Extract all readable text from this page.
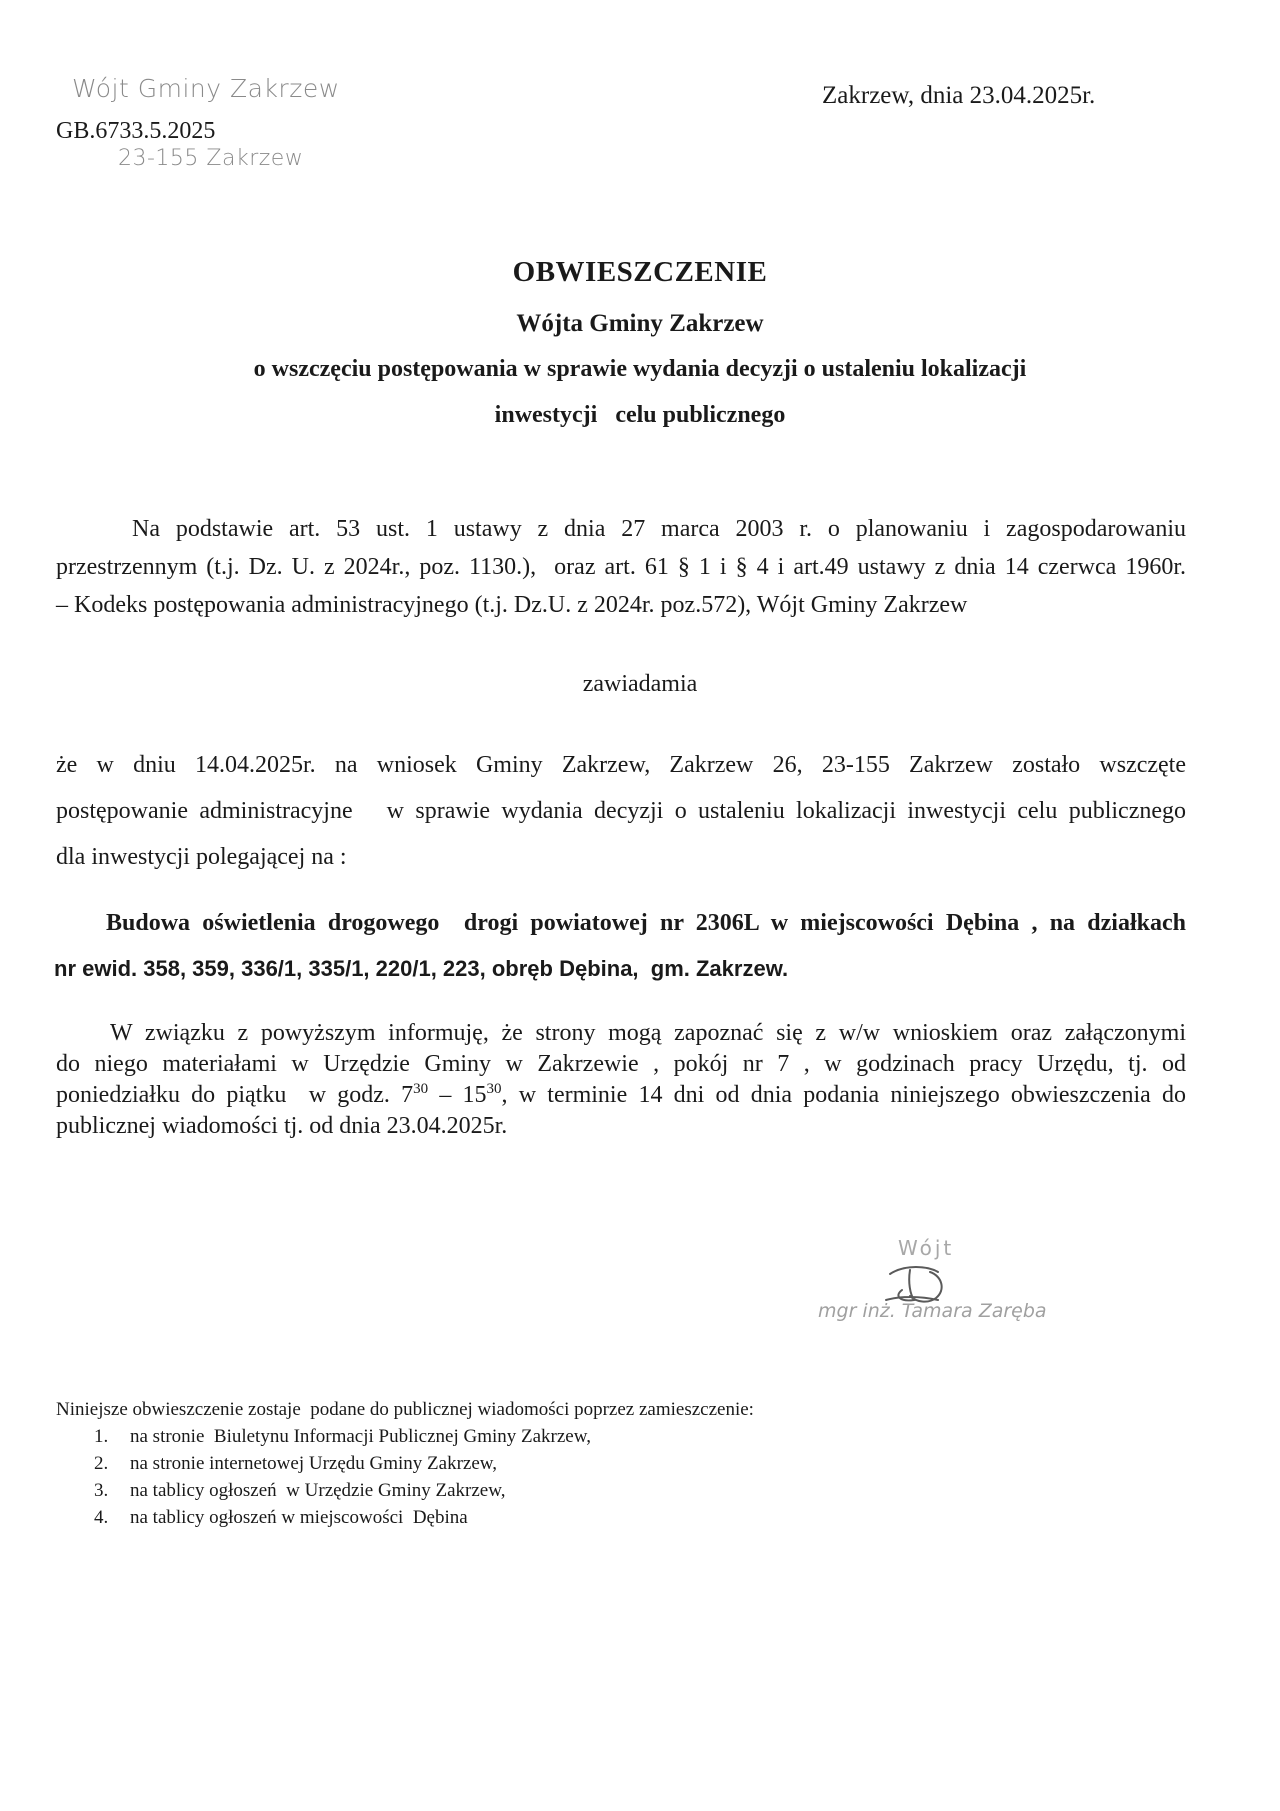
Wójt Gminy Zakrzew
GB.6733.5.2025
23-155 Zakrzew
Zakrzew, dnia 23.04.2025r.
OBWIESZCZENIE
Wójta Gminy Zakrzew
o wszczęciu postępowania w sprawie wydania decyzji o ustaleniu lokalizacji
inwestycji   celu publicznego
Na podstawie art. 53 ust. 1 ustawy z dnia 27 marca 2003 r. o planowaniu i zagospodarowaniu
przestrzennym (t.j. Dz. U. z 2024r., poz. 1130.),  oraz art. 61 § 1 i § 4 i art.49 ustawy z dnia 14 czerwca 1960r.
– Kodeks postępowania administracyjnego (t.j. Dz.U. z 2024r. poz.572), Wójt Gminy Zakrzew
zawiadamia
że w dniu 14.04.2025r. na wniosek Gminy Zakrzew, Zakrzew 26, 23-155 Zakrzew zostało wszczęte
postępowanie administracyjne   w sprawie wydania decyzji o ustaleniu lokalizacji inwestycji celu publicznego
dla inwestycji polegającej na :
Budowa oświetlenia drogowego  drogi powiatowej nr 2306L w miejscowości Dębina , na działkach
nr ewid. 358, 359, 336/1, 335/1, 220/1, 223, obręb Dębina,  gm. Zakrzew.
W związku z powyższym informuję, że strony mogą zapoznać się z w/w wnioskiem oraz załączonymi
do niego materiałami w Urzędzie Gminy w Zakrzewie , pokój nr 7 , w godzinach pracy Urzędu, tj. od
poniedziałku do piątku  w godz. $7^{30} - 15^{30}$, w terminie 14 dni od dnia podania niniejszego obwieszczenia do
publicznej wiadomości tj. od dnia 23.04.2025r.
Wójt
mgr inż. Tamara Zaręba
Niniejsze obwieszczenie zostaje  podane do publicznej wiadomości poprzez zamieszczenie:
1. na stronie  Biuletynu Informacji Publicznej Gminy Zakrzew,
2. na stronie internetowej Urzędu Gminy Zakrzew,
3. na tablicy ogłoszeń  w Urzędzie Gminy Zakrzew,
4. na tablicy ogłoszeń w miejscowości  Dębina
